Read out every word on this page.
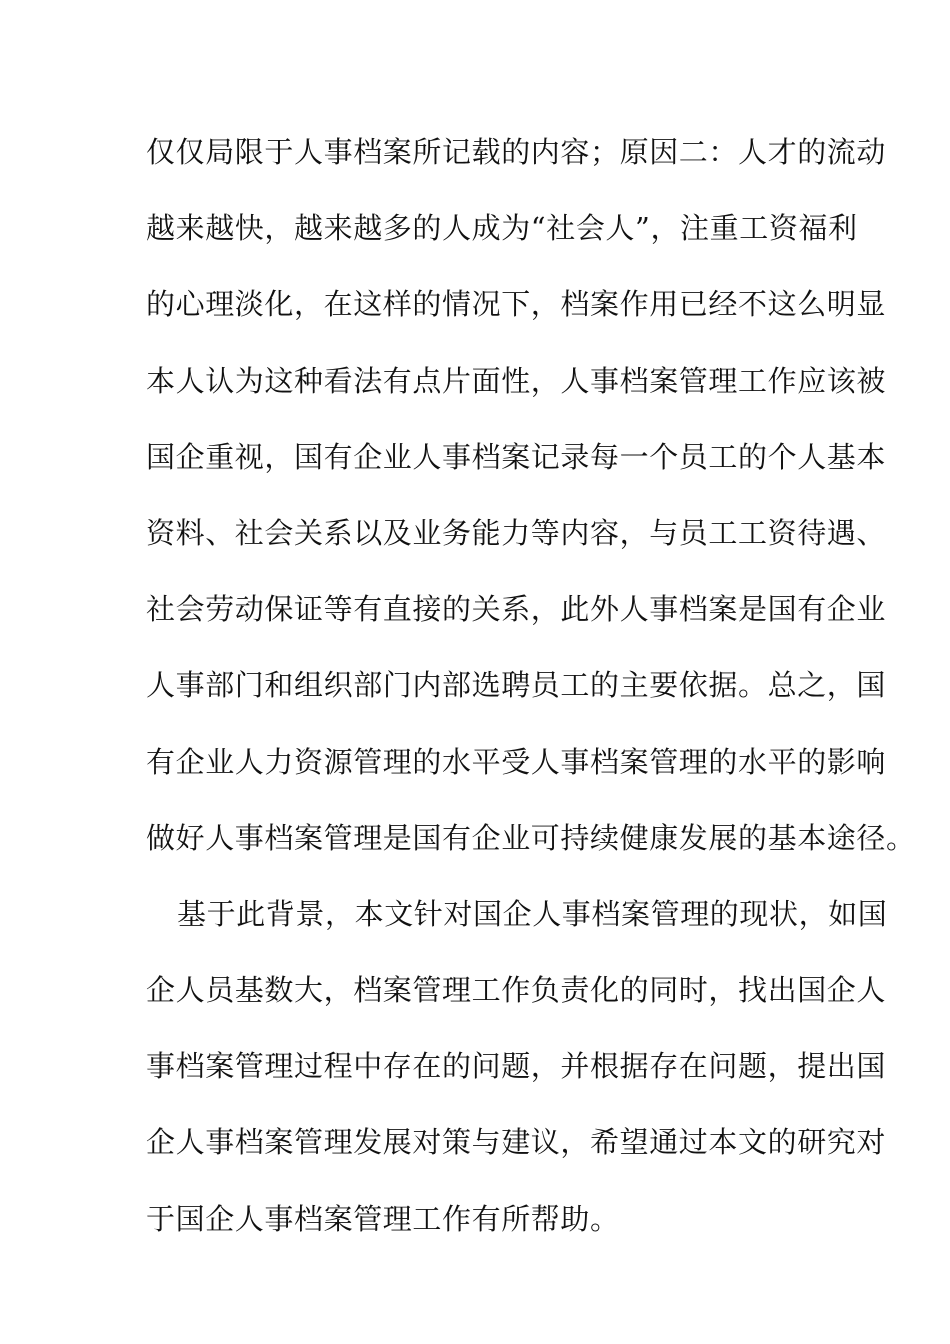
仅仅局限于人事档案所记载的内容；原因二：人才的流动
越来越快，越来越多的人成为“社会人”，注重工资福利
的心理淡化，在这样的情况下，档案作用已经不这么明显
本人认为这种看法有点片面性，人事档案管理工作应该被
国企重视，国有企业人事档案记录每一个员工的个人基本
资料、社会关系以及业务能力等内容，与员工工资待遇、
社会劳动保证等有直接的关系，此外人事档案是国有企业
人事部门和组织部门内部选聘员工的主要依据。总之，国
有企业人力资源管理的水平受人事档案管理的水平的影响
做好人事档案管理是国有企业可持续健康发展的基本途径。
基于此背景，本文针对国企人事档案管理的现状，如国
企人员基数大，档案管理工作负责化的同时，找出国企人
事档案管理过程中存在的问题，并根据存在问题，提出国
企人事档案管理发展对策与建议，希望通过本文的研究对
于国企人事档案管理工作有所帮助。
